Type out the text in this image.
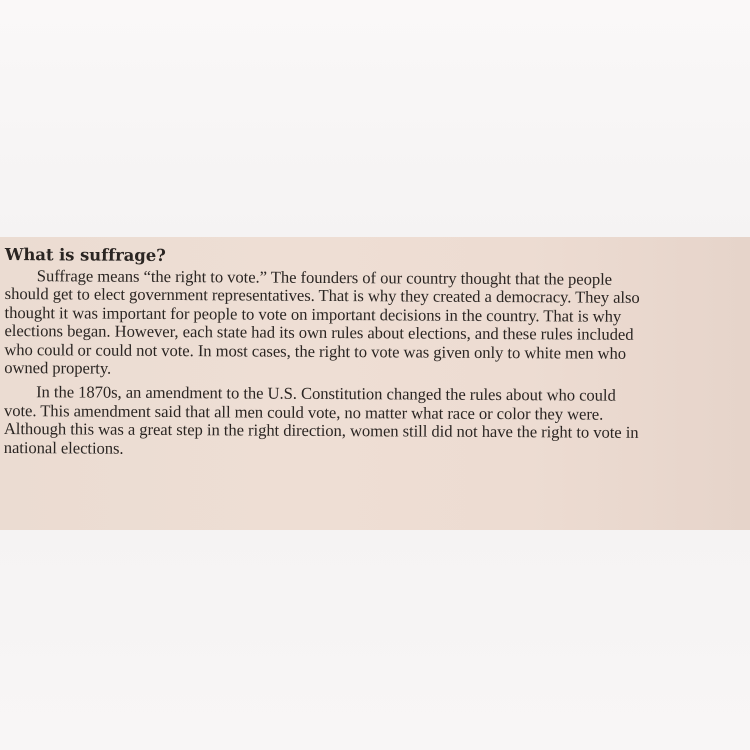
What is suffrage?
Suffrage means “the right to vote.” The founders of our country thought that the people
should get to elect government representatives. That is why they created a democracy. They also
thought it was important for people to vote on important decisions in the country. That is why
elections began. However, each state had its own rules about elections, and these rules included
who could or could not vote. In most cases, the right to vote was given only to white men who
owned property.
In the 1870s, an amendment to the U.S. Constitution changed the rules about who could
vote. This amendment said that all men could vote, no matter what race or color they were.
Although this was a great step in the right direction, women still did not have the right to vote in
national elections.
